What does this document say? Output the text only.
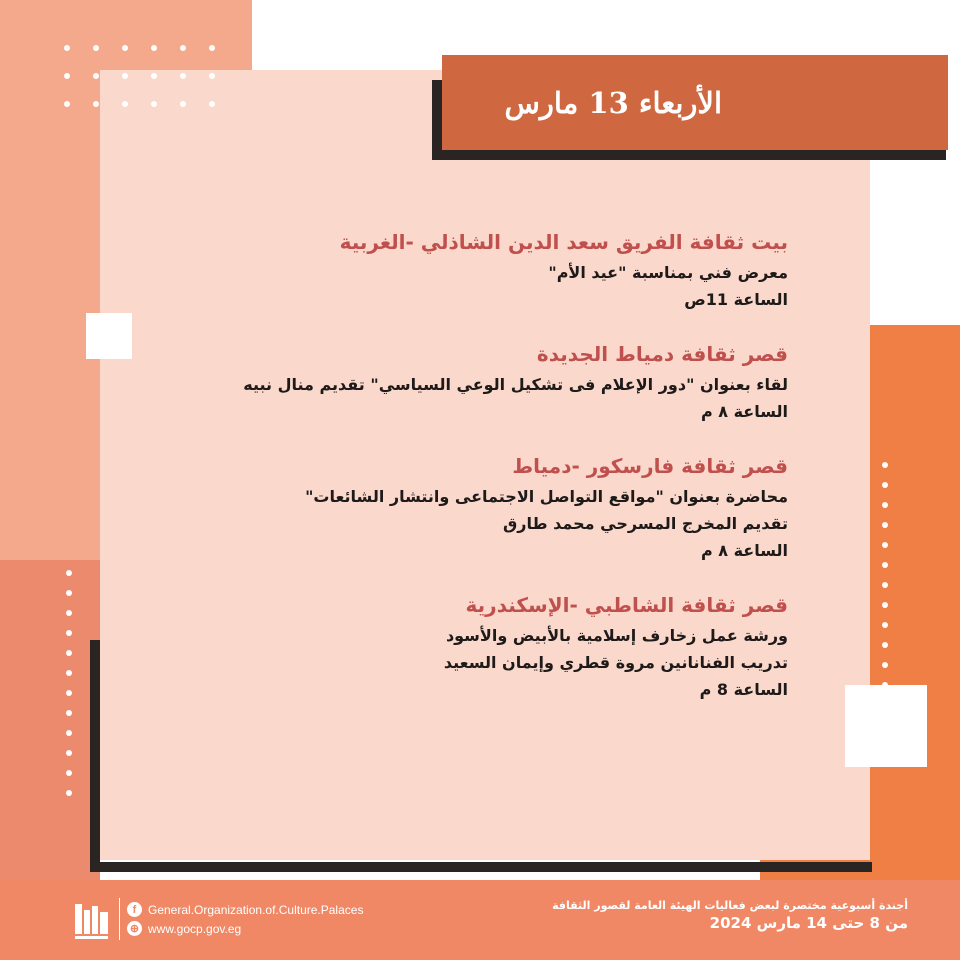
الأربعاء 13 مارس
بيت ثقافة الفريق سعد الدين الشاذلي -الغربية
معرض فني بمناسبة "عيد الأم"
الساعة 11ص
قصر ثقافة دمياط الجديدة
لقاء بعنوان "دور الإعلام فى تشكيل الوعي السياسي" تقديم منال نبيه
الساعة ٨ م
قصر ثقافة فارسكور -دمياط
محاضرة بعنوان "مواقع التواصل الاجتماعى وانتشار الشائعات"
تقديم المخرج المسرحي محمد طارق
الساعة ٨ م
قصر ثقافة الشاطبي -الإسكندرية
ورشة عمل زخارف إسلامية بالأبيض والأسود
تدريب الفنانانين مروة قطري وإيمان السعيد
الساعة 8 م
أجندة أسبوعية مختصرة لبعض فعاليات الهيئة العامة لقصور الثقافة
من 8 حتى 14 مارس 2024
f General.Organization.of.Culture.Palaces
⊕ www.gocp.gov.eg
